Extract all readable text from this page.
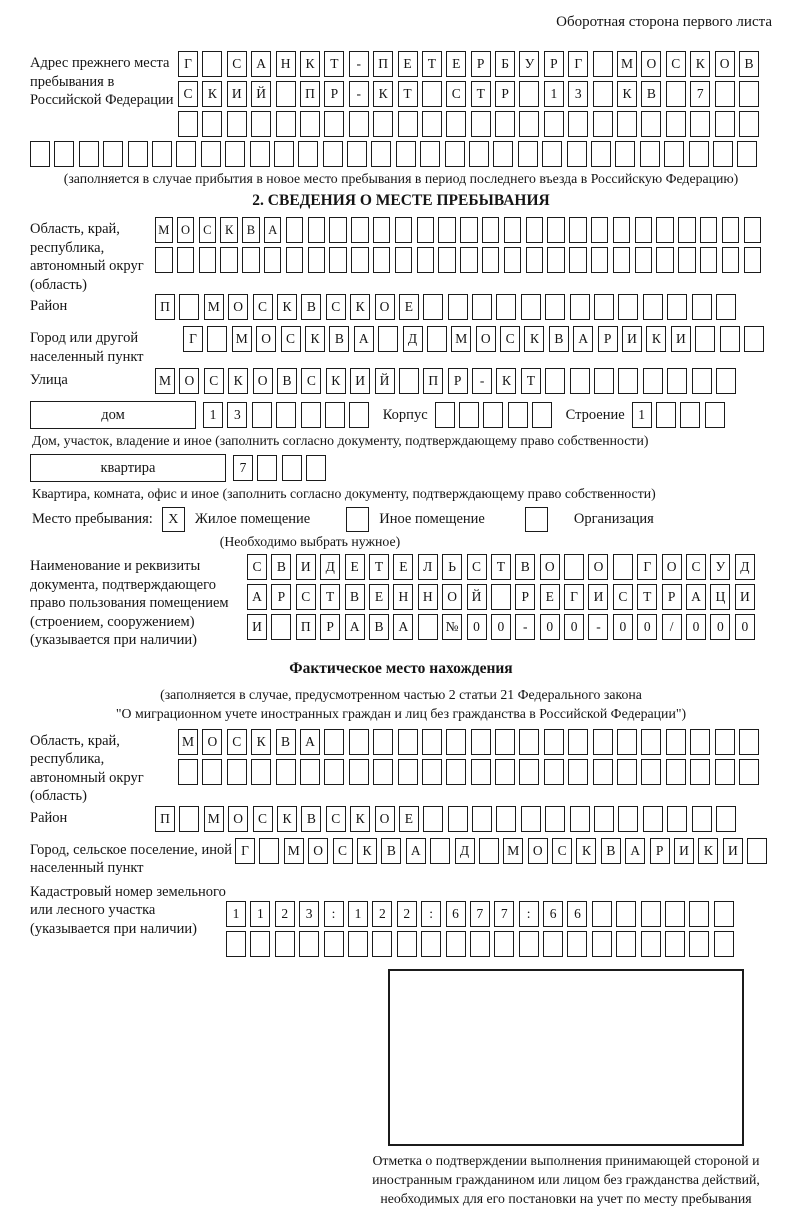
Оборотная сторона первого листа
Адрес прежнего места пребывания в Российской Федерации
Г	С	А	Н	К	Т	-	П	Е	Т	Е	Р	Б	У	Р	Г	М	О	С	К	О	В
С	К	И	Й	П	Р	-	К	Т	С	Т	Р	1	3	К	В	7
(заполняется в случае прибытия в новое место пребывания в период последнего въезда в Российскую Федерацию)
2. СВЕДЕНИЯ О МЕСТЕ ПРЕБЫВАНИЯ
Область, край, республика, автономный округ (область)
М О	С	К	В	А
Район	П	М	О	С	К	В	С	К	О	Е
Город или другой населенный пункт
Г	М	О	С	К	В	А	Д	М	О	С	К	В	А	Р	И	К	И
Улица	М	О	С	К	О	В	С	К	И	Й	П	Р	-	К	Т
дом	1	3	Корпус	Строение	1
Дом, участок, владение и иное (заполнить согласно документу, подтверждающему право собственности)
квартира	7
Квартира, комната, офис и иное (заполнить согласно документу, подтверждающему право собственности)
Место пребывания:	X	Жилое помещение	Иное помещение	Организация
(Необходимо выбрать нужное)
Наименование и реквизиты документа, подтверждающего право пользования помещением (строением, сооружением) (указывается при наличии)
С	В	И	Д	Е	Т	Е	Л	Ь	С	Т	В	О	О	Г	О	С	У	Д
А	Р	С	Т	В	Е	Н	Н	О	Й	Р	Е	Г	И	С	Т	Р	А	Ц	И
И	П	Р	А	В	А	№	0	0	-	0	0	-	0	0	/	0	0	0
Фактическое место нахождения
(заполняется в случае, предусмотренном частью 2 статьи 21 Федерального закона
"О миграционном учете иностранных граждан и лиц без гражданства в Российской Федерации")
Область, край, республика, автономный округ (область)
М	О	С	К	В	А
Район	П	М	О	С	К	В	С	К	О	Е
Город, сельское поселение, иной населенный пункт
Г	М	О	С	К	В	А	Д	М	О	С	К	В	А	Р	И	К	И
Кадастровый номер земельного или лесного участка (указывается при наличии)
1	1	2	3	:	1	2	2	:	6	7	7	:	6	6
Отметка о подтверждении выполнения принимающей стороной и иностранным гражданином или лицом без гражданства действий, необходимых для его постановки на учет по месту пребывания
